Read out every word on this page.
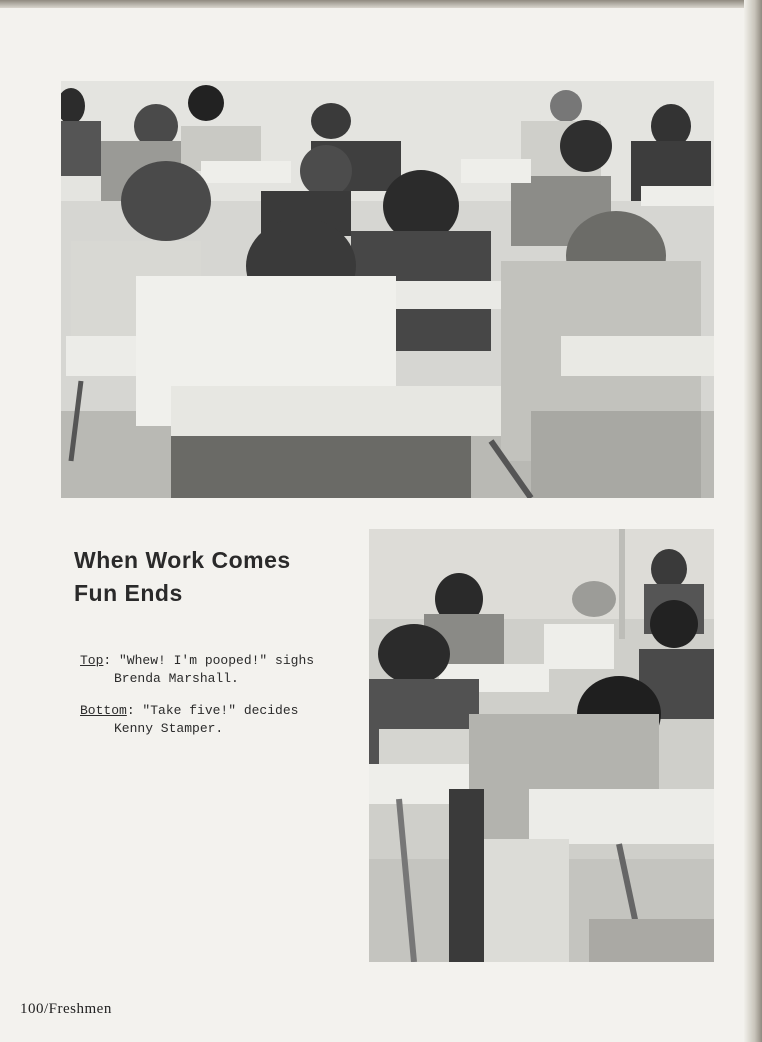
When Work Comes
Fun Ends
Top: "Whew! I'm pooped!" sighs
Brenda Marshall.
Bottom: "Take five!" decides
Kenny Stamper.
100/Freshmen
